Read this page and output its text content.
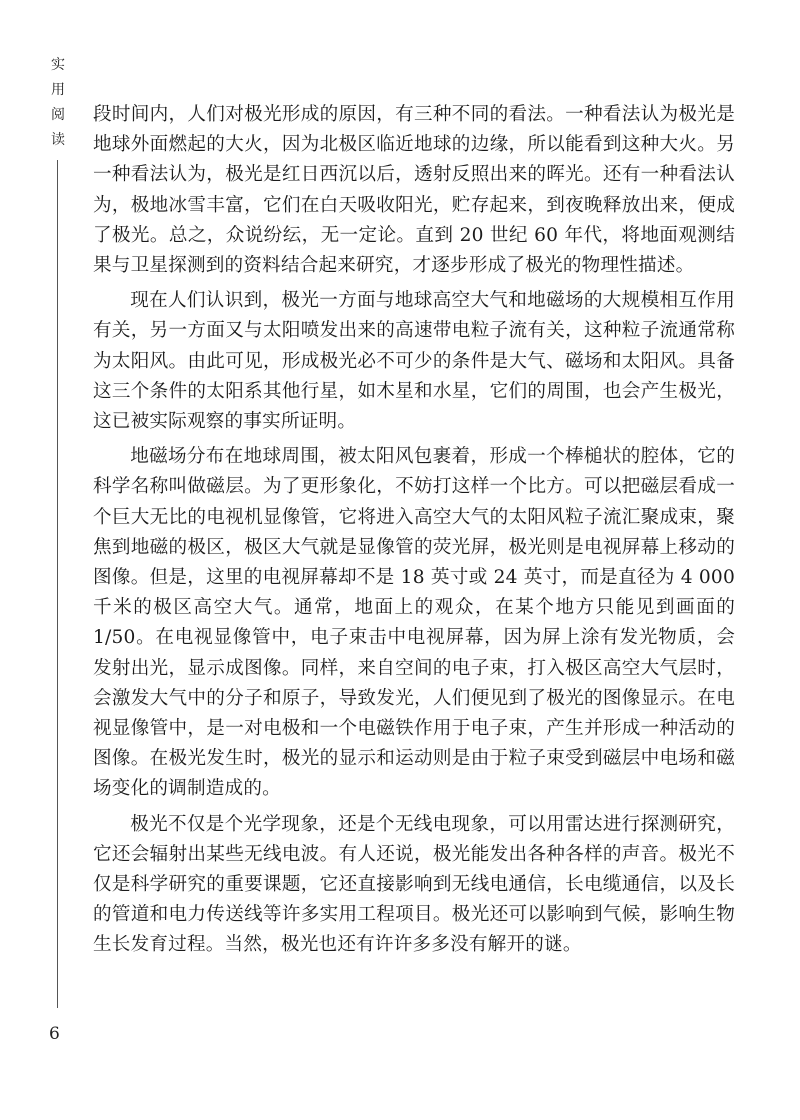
实
用
阅
读

段时间内，人们对极光形成的原因，有三种不同的看法。一种看法认为极光是地球外面燃起的大火，因为北极区临近地球的边缘，所以能看到这种大火。另一种看法认为，极光是红日西沉以后，透射反照出来的晖光。还有一种看法认为，极地冰雪丰富，它们在白天吸收阳光，贮存起来，到夜晚释放出来，便成了极光。总之，众说纷纭，无一定论。直到 20 世纪 60 年代，将地面观测结果与卫星探测到的资料结合起来研究，才逐步形成了极光的物理性描述。

现在人们认识到，极光一方面与地球高空大气和地磁场的大规模相互作用有关，另一方面又与太阳喷发出来的高速带电粒子流有关，这种粒子流通常称为太阳风。由此可见，形成极光必不可少的条件是大气、磁场和太阳风。具备这三个条件的太阳系其他行星，如木星和水星，它们的周围，也会产生极光，这已被实际观察的事实所证明。

地磁场分布在地球周围，被太阳风包裹着，形成一个棒槌状的腔体，它的科学名称叫做磁层。为了更形象化，不妨打这样一个比方。可以把磁层看成一个巨大无比的电视机显像管，它将进入高空大气的太阳风粒子流汇聚成束，聚焦到地磁的极区，极区大气就是显像管的荧光屏，极光则是电视屏幕上移动的图像。但是，这里的电视屏幕却不是 18 英寸或 24 英寸，而是直径为 4 000 千米的极区高空大气。通常，地面上的观众，在某个地方只能见到画面的 1/50。在电视显像管中，电子束击中电视屏幕，因为屏上涂有发光物质，会发射出光，显示成图像。同样，来自空间的电子束，打入极区高空大气层时，会激发大气中的分子和原子，导致发光，人们便见到了极光的图像显示。在电视显像管中，是一对电极和一个电磁铁作用于电子束，产生并形成一种活动的图像。在极光发生时，极光的显示和运动则是由于粒子束受到磁层中电场和磁场变化的调制造成的。

极光不仅是个光学现象，还是个无线电现象，可以用雷达进行探测研究，它还会辐射出某些无线电波。有人还说，极光能发出各种各样的声音。极光不仅是科学研究的重要课题，它还直接影响到无线电通信，长电缆通信，以及长的管道和电力传送线等许多实用工程项目。极光还可以影响到气候，影响生物生长发育过程。当然，极光也还有许许多多没有解开的谜。

6
